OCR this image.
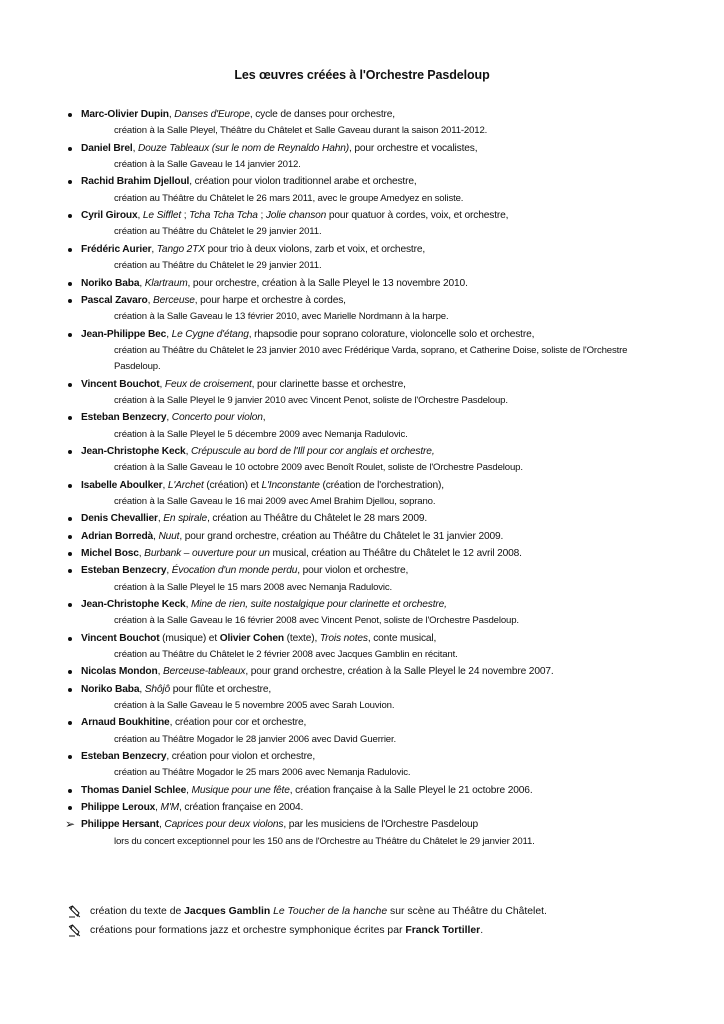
Les œuvres créées à l'Orchestre Pasdeloup
Marc-Olivier Dupin, Danses d'Europe, cycle de danses pour orchestre,
création à la Salle Pleyel, Théâtre du Châtelet et Salle Gaveau durant la saison 2011-2012.
Daniel Brel, Douze Tableaux (sur le nom de Reynaldo Hahn), pour orchestre et vocalistes,
création à la Salle Gaveau le 14 janvier 2012.
Rachid Brahim Djelloul, création pour violon traditionnel arabe et orchestre,
création au Théâtre du Châtelet le 26 mars 2011, avec le groupe Amedyez en soliste.
Cyril Giroux, Le Sifflet ; Tcha Tcha Tcha ; Jolie chanson pour quatuor à cordes, voix, et orchestre,
création au Théâtre du Châtelet le 29 janvier 2011.
Frédéric Aurier, Tango 2TX pour trio à deux violons, zarb et voix, et orchestre,
création au Théâtre du Châtelet le 29 janvier 2011.
Noriko Baba, Klartraum, pour orchestre, création à la Salle Pleyel le 13 novembre 2010.
Pascal Zavaro, Berceuse, pour harpe et orchestre à cordes,
création à la Salle Gaveau le 13 février 2010, avec Marielle Nordmann à la harpe.
Jean-Philippe Bec, Le Cygne d'étang, rhapsodie pour soprano colorature, violoncelle solo et orchestre,
création au Théâtre du Châtelet le 23 janvier 2010 avec Frédérique Varda, soprano, et Catherine Doise, soliste de l'Orchestre Pasdeloup.
Vincent Bouchot, Feux de croisement, pour clarinette basse et orchestre,
création à la Salle Pleyel le 9 janvier 2010 avec Vincent Penot, soliste de l'Orchestre Pasdeloup.
Esteban Benzecry, Concerto pour violon,
création à la Salle Pleyel le 5 décembre 2009 avec Nemanja Radulovic.
Jean-Christophe Keck, Crépuscule au bord de l'Ill pour cor anglais et orchestre,
création à la Salle Gaveau le 10 octobre 2009 avec Benoît Roulet, soliste de l'Orchestre Pasdeloup.
Isabelle Aboulker, L'Archet (création) et L'Inconstante (création de l'orchestration),
création à la Salle Gaveau le 16 mai 2009 avec Amel Brahim Djellou, soprano.
Denis Chevallier, En spirale, création au Théâtre du Châtelet le 28 mars 2009.
Adrian Borredà, Nuut, pour grand orchestre, création au Théâtre du Châtelet le 31 janvier 2009.
Michel Bosc, Burbank – ouverture pour un musical, création au Théâtre du Châtelet le 12 avril 2008.
Esteban Benzecry, Évocation d'un monde perdu, pour violon et orchestre,
création à la Salle Pleyel le 15 mars 2008 avec Nemanja Radulovic.
Jean-Christophe Keck, Mine de rien, suite nostalgique pour clarinette et orchestre,
création à la Salle Gaveau le 16 février 2008 avec Vincent Penot, soliste de l'Orchestre Pasdeloup.
Vincent Bouchot (musique) et Olivier Cohen (texte), Trois notes, conte musical,
création au Théâtre du Châtelet le 2 février 2008 avec Jacques Gamblin en récitant.
Nicolas Mondon, Berceuse-tableaux, pour grand orchestre, création à la Salle Pleyel le 24 novembre 2007.
Noriko Baba, Shôjô pour flûte et orchestre,
création à la Salle Gaveau le 5 novembre 2005 avec Sarah Louvion.
Arnaud Boukhitine, création pour cor et orchestre,
création au Théâtre Mogador le 28 janvier 2006 avec David Guerrier.
Esteban Benzecry, création pour violon et orchestre,
création au Théâtre Mogador le 25 mars 2006 avec Nemanja Radulovic.
Thomas Daniel Schlee, Musique pour une fête, création française à la Salle Pleyel le 21 octobre 2006.
Philippe Leroux, M'M, création française en 2004.
➢ Philippe Hersant, Caprices pour deux violons, par les musiciens de l'Orchestre Pasdeloup
lors du concert exceptionnel pour les 150 ans de l'Orchestre au Théâtre du Châtelet le 29 janvier 2011.
création du texte de Jacques Gamblin Le Toucher de la hanche sur scène au Théâtre du Châtelet.
créations pour formations jazz et orchestre symphonique écrites par Franck Tortiller.
